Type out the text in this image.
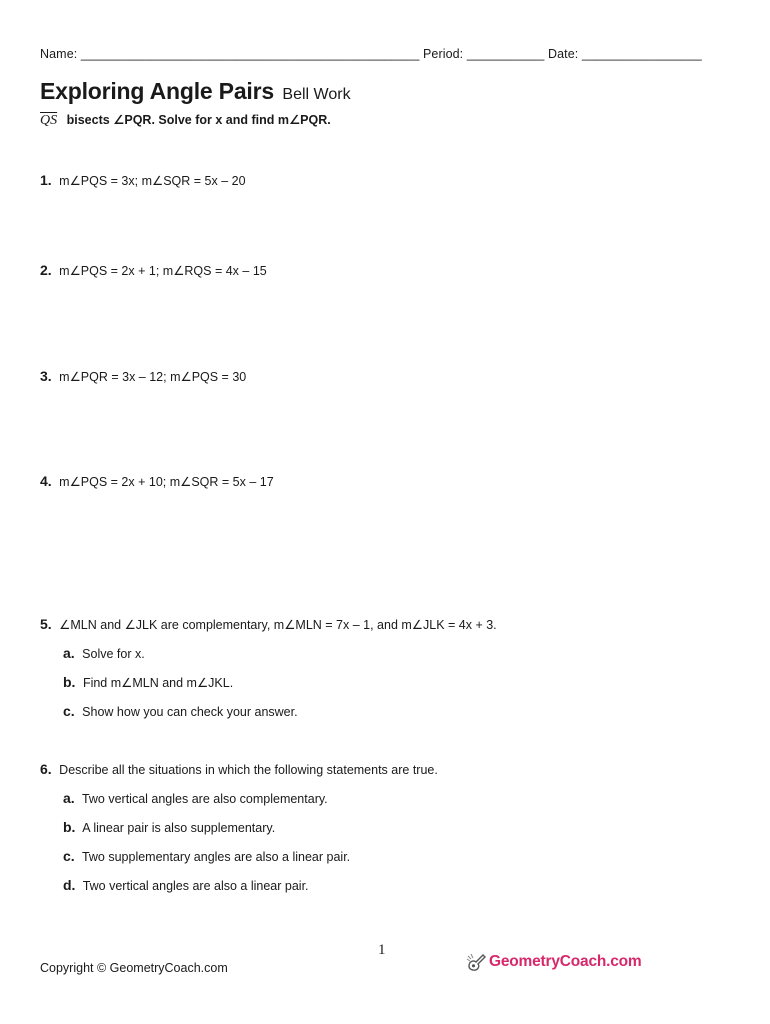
Name: ________________________________________________ Period: ___________ Date: _________________
Exploring Angle Pairs Bell Work
$\overline{QS}$ bisects ∠PQR. Solve for x and find m∠PQR.
1. m∠PQS = 3x; m∠SQR = 5x – 20
2. m∠PQS = 2x + 1; m∠RQS = 4x – 15
3. m∠PQR = 3x – 12; m∠PQS = 30
4. m∠PQS = 2x + 10; m∠SQR = 5x – 17
5. ∠MLN and ∠JLK are complementary, m∠MLN = 7x – 1, and m∠JLK = 4x + 3.
a. Solve for x.
b. Find m∠MLN and m∠JKL.
c. Show how you can check your answer.
6. Describe all the situations in which the following statements are true.
a. Two vertical angles are also complementary.
b. A linear pair is also supplementary.
c. Two supplementary angles are also a linear pair.
d. Two vertical angles are also a linear pair.
1
Copyright © GeometryCoach.com	GeometryCoach.com
